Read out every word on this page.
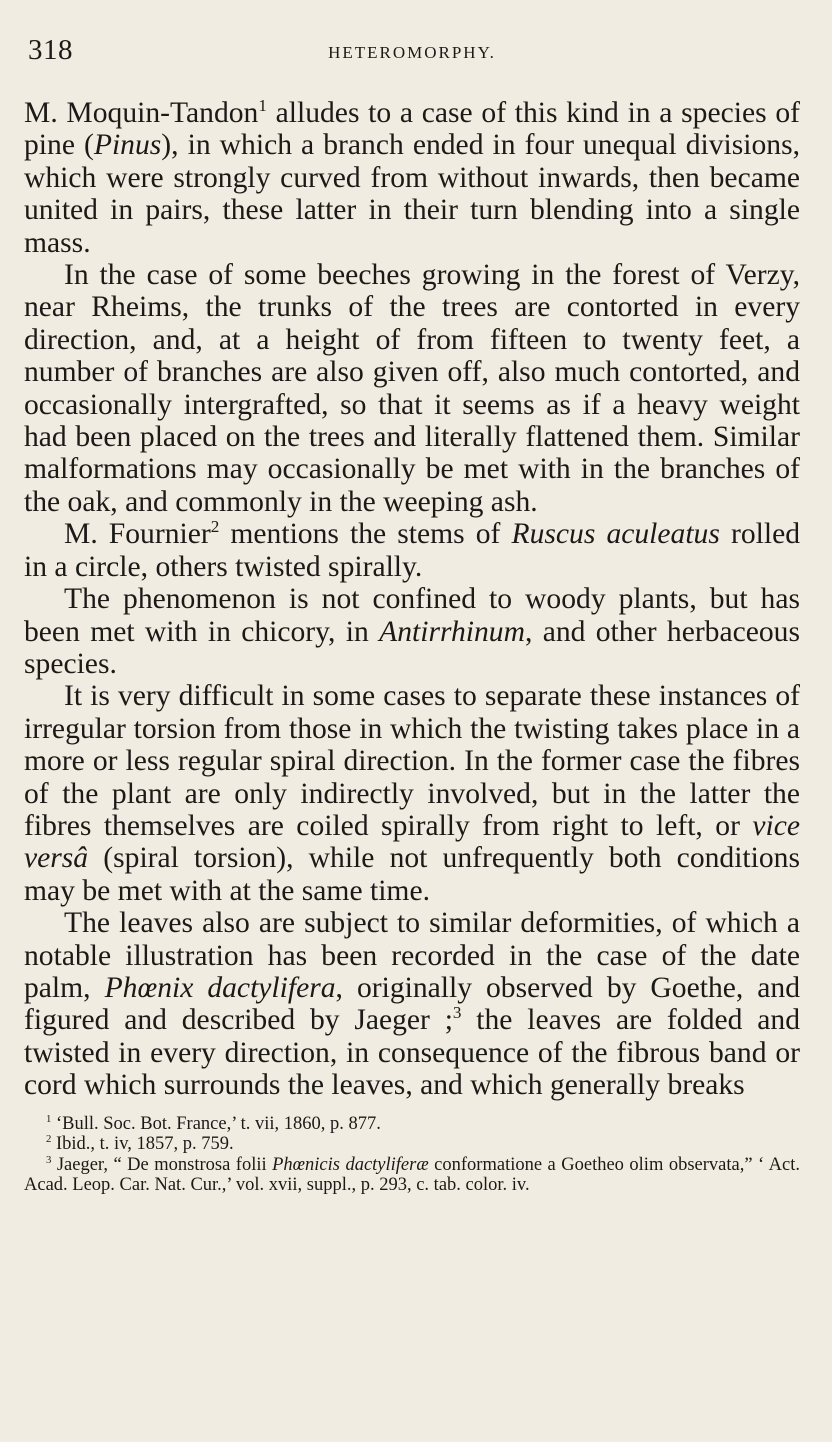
318	HETEROMORPHY.

M. Moquin-Tandon$^1$ alludes to a case of this kind in a species of pine (Pinus), in which a branch ended in four unequal divisions, which were strongly curved from without inwards, then became united in pairs, these latter in their turn blending into a single mass.

In the case of some beeches growing in the forest of Verzy, near Rheims, the trunks of the trees are contorted in every direction, and, at a height of from fifteen to twenty feet, a number of branches are also given off, also much contorted, and occasionally intergrafted, so that it seems as if a heavy weight had been placed on the trees and literally flattened them. Similar malformations may occasionally be met with in the branches of the oak, and commonly in the weeping ash.

M. Fournier$^2$ mentions the stems of Ruscus aculeatus rolled in a circle, others twisted spirally.

The phenomenon is not confined to woody plants, but has been met with in chicory, in Antirrhinum, and other herbaceous species.

It is very difficult in some cases to separate these instances of irregular torsion from those in which the twisting takes place in a more or less regular spiral direction. In the former case the fibres of the plant are only indirectly involved, but in the latter the fibres themselves are coiled spirally from right to left, or vice versâ (spiral torsion), while not unfrequently both conditions may be met with at the same time.

The leaves also are subject to similar deformities, of which a notable illustration has been recorded in the case of the date palm, Phœnix dactylifera, originally observed by Goethe, and figured and described by Jaeger ;$^3$ the leaves are folded and twisted in every direction, in consequence of the fibrous band or cord which surrounds the leaves, and which generally breaks

$^1$ ‘Bull. Soc. Bot. France,’ t. vii, 1860, p. 877.

$^2$ Ibid., t. iv, 1857, p. 759.

$^3$ Jaeger, “ De monstrosa folii Phœnicis dactyliferæ conformatione a Goetheo olim observata,” ‘ Act. Acad. Leop. Car. Nat. Cur.,’ vol. xvii, suppl., p. 293, c. tab. color. iv.
